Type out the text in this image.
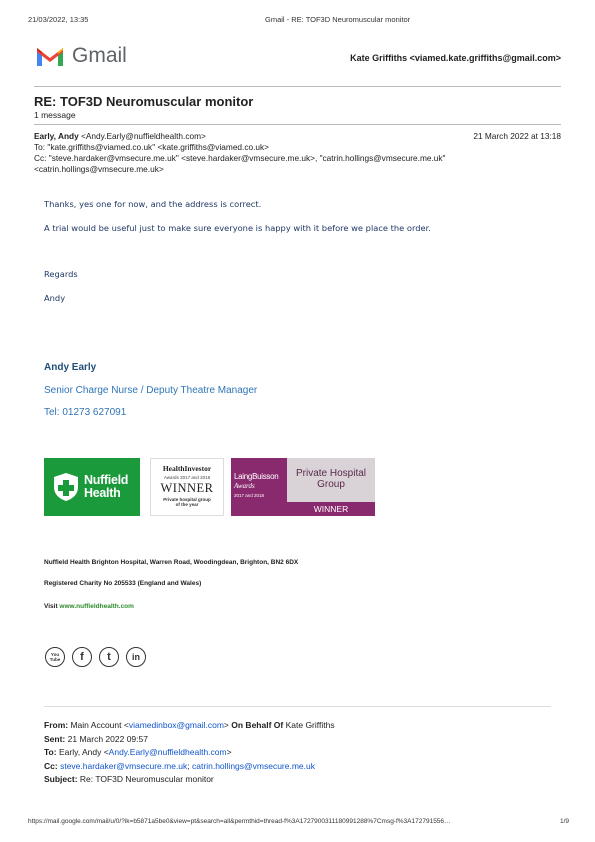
21/03/2022, 13:35	Gmail - RE: TOF3D Neuromuscular monitor
Gmail	Kate Griffiths <viamed.kate.griffiths@gmail.com>
RE: TOF3D Neuromuscular monitor
1 message
Early, Andy <Andy.Early@nuffieldhealth.com>	21 March 2022 at 13:18
To: "kate.griffiths@viamed.co.uk" <kate.griffiths@viamed.co.uk>
Cc: "steve.hardaker@vmsecure.me.uk" <steve.hardaker@vmsecure.me.uk>, "catrin.hollings@vmsecure.me.uk"
<catrin.hollings@vmsecure.me.uk>
Thanks, yes one for now, and the address is correct.
A trial would be useful just to make sure everyone is happy with it before we place the order.
Regards
Andy
Andy Early
Senior Charge Nurse / Deputy Theatre Manager
Tel: 01273 627091
Nuffield
Health
HealthInvestor
Awards 2017 and 2018
WINNER
Private hospital group
of the year
LaingBuisson
Awards
2017 and 2018
Private Hospital
Group
WINNER
Nuffield Health Brighton Hospital, Warren Road, Woodingdean, Brighton, BN2 6DX
Registered Charity No 205533 (England and Wales)
Visit www.nuffieldhealth.com
You Tube	f	t	in
From: Main Account <viamedinbox@gmail.com> On Behalf Of Kate Griffiths
Sent: 21 March 2022 09:57
To: Early, Andy <Andy.Early@nuffieldhealth.com>
Cc: steve.hardaker@vmsecure.me.uk; catrin.hollings@vmsecure.me.uk
Subject: Re: TOF3D Neuromuscular monitor
https://mail.google.com/mail/u/0/?ik=b5871a5be0&view=pt&search=all&permthid=thread-f%3A1727900311180991288%7Cmsg-f%3A172791556…	1/9
